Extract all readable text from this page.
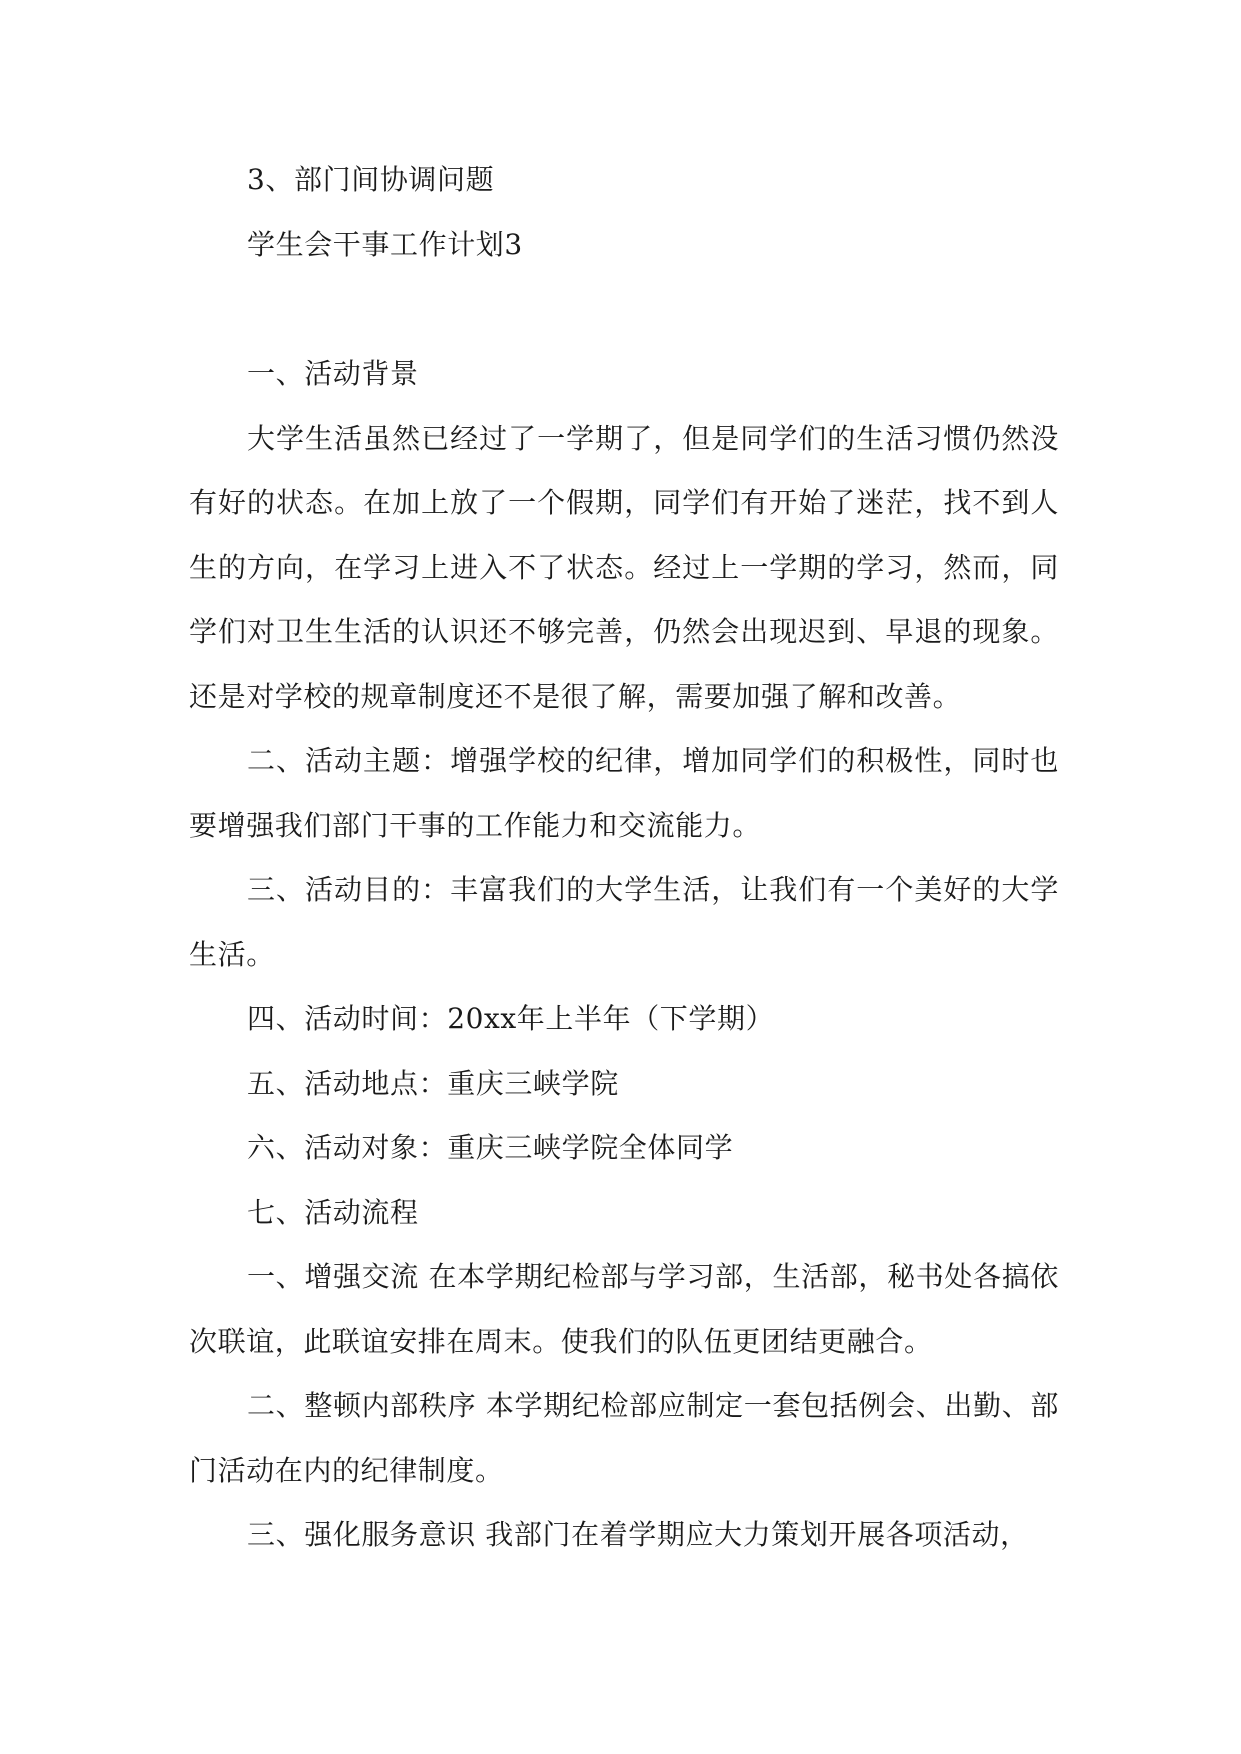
3、部门间协调问题

学生会干事工作计划3

一、活动背景

大学生活虽然已经过了一学期了，但是同学们的生活习惯仍然没有好的状态。在加上放了一个假期，同学们有开始了迷茫，找不到人生的方向，在学习上进入不了状态。经过上一学期的学习，然而，同学们对卫生生活的认识还不够完善，仍然会出现迟到、早退的现象。还是对学校的规章制度还不是很了解，需要加强了解和改善。

二、活动主题：增强学校的纪律，增加同学们的积极性，同时也要增强我们部门干事的工作能力和交流能力。

三、活动目的：丰富我们的大学生活，让我们有一个美好的大学生活。

四、活动时间：20xx年上半年（下学期）

五、活动地点：重庆三峡学院

六、活动对象：重庆三峡学院全体同学

七、活动流程

一、增强交流 在本学期纪检部与学习部，生活部，秘书处各搞依次联谊，此联谊安排在周末。使我们的队伍更团结更融合。

二、整顿内部秩序 本学期纪检部应制定一套包括例会、出勤、部门活动在内的纪律制度。

三、强化服务意识 我部门在着学期应大力策划开展各项活动，
